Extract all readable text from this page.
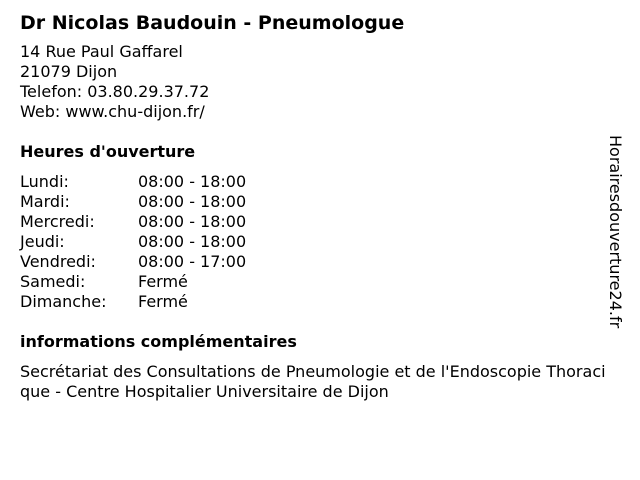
Dr Nicolas Baudouin - Pneumologue
14 Rue Paul Gaffarel
21079 Dijon
Telefon: 03.80.29.37.72
Web: www.chu-dijon.fr/
Heures d'ouverture
Lundi:	08:00 - 18:00
Mardi:	08:00 - 18:00
Mercredi:	08:00 - 18:00
Jeudi:	08:00 - 18:00
Vendredi:	08:00 - 17:00
Samedi:	Fermé
Dimanche:	Fermé
informations complémentaires
Secrétariat des Consultations de Pneumologie et de l'Endoscopie Thoracique - Centre Hospitalier Universitaire de Dijon
Horairesdouverture24.fr
